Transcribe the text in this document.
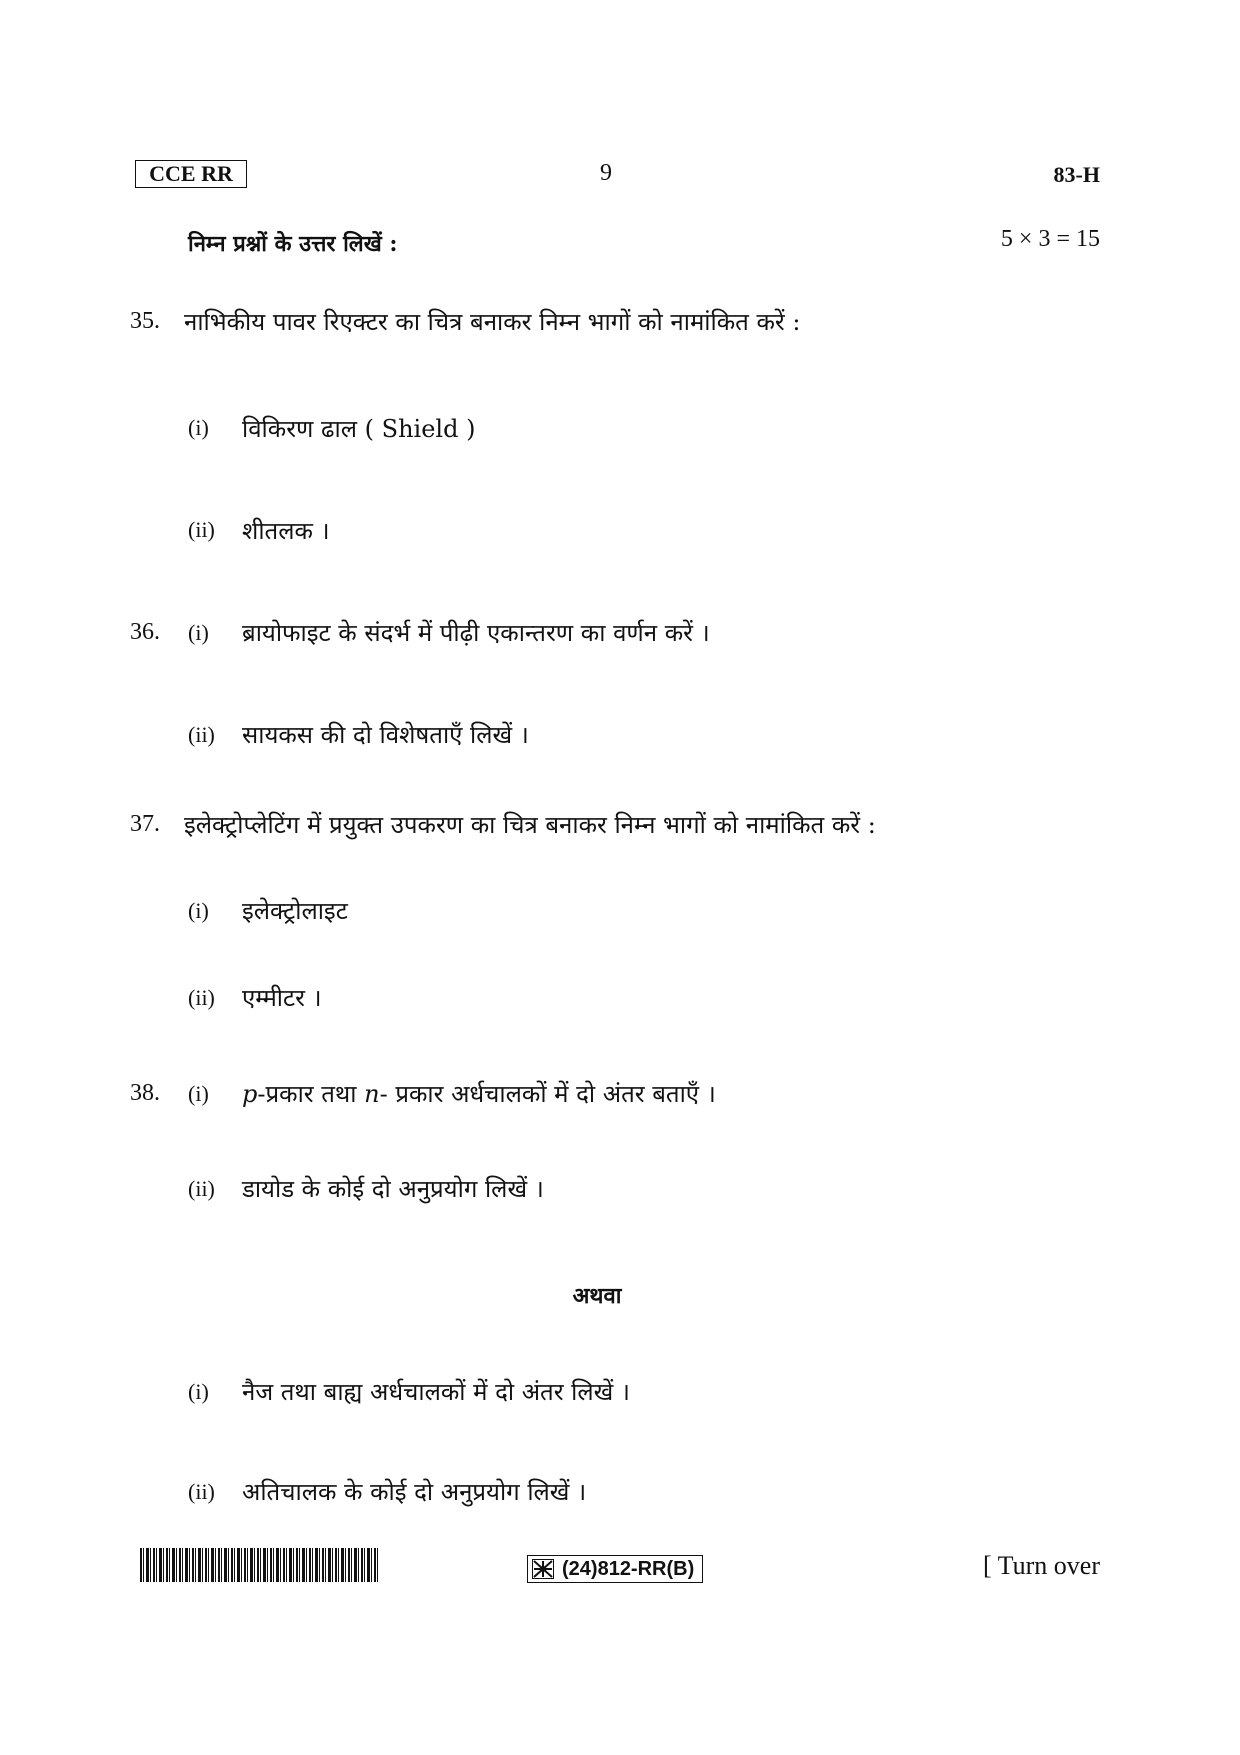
CCE RR	9	83-H
निम्न प्रश्नों के उत्तर लिखें :	5 × 3 = 15
35. नाभिकीय पावर रिएक्टर का चित्र बनाकर निम्न भागों को नामांकित करें :
(i) विकिरण ढाल ( Shield )
(ii) शीतलक ।
36. (i) ब्रायोफाइट के संदर्भ में पीढ़ी एकान्तरण का वर्णन करें ।
(ii) सायकस की दो विशेषताएँ लिखें ।
37. इलेक्ट्रोप्लेटिंग में प्रयुक्त उपकरण का चित्र बनाकर निम्न भागों को नामांकित करें :
(i) इलेक्ट्रोलाइट
(ii) एम्मीटर ।
38. (i) p-प्रकार तथा n- प्रकार अर्धचालकों में दो अंतर बताएँ ।
(ii) डायोड के कोई दो अनुप्रयोग लिखें ।
अथवा
(i) नैज तथा बाह्य अर्धचालकों में दो अंतर लिखें ।
(ii) अतिचालक के कोई दो अनुप्रयोग लिखें ।
(24)812-RR(B)	[ Turn over
